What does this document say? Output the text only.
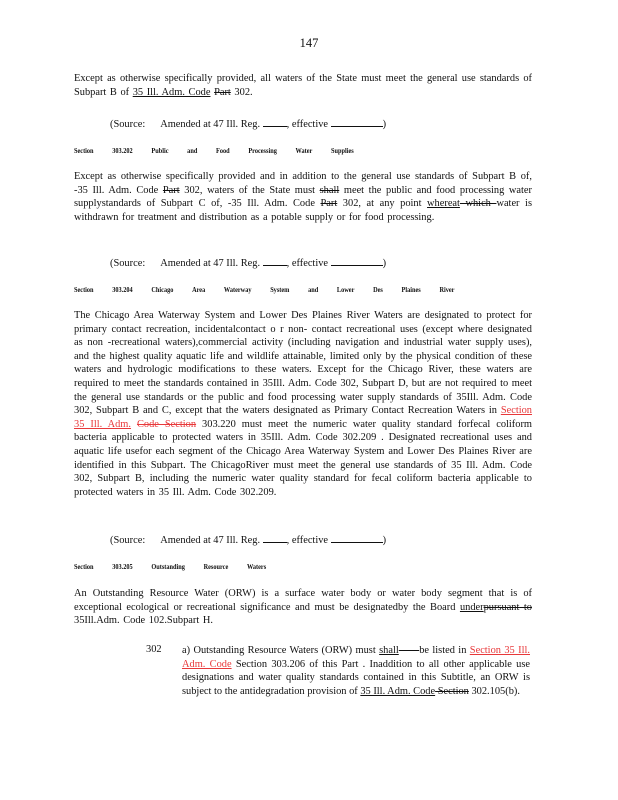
147
Except as otherwise specifically provided, all waters of the State must meet the general use standards of Subpart B of 35 Ill. Adm. Code Part 302.
(Source: Amended at 47 Ill. Reg.	, effective	)
Section	303.202	Public	and	Food	Processing	Water	Supplies
Except as otherwise specifically provided and in addition to the general use standards of Subpart B of, -35 Ill. Adm. Code Part 302, waters of the State must shall meet the public and food processing water supplystandards of Subpart C of, -35 Ill. Adm. Code Part 302, at any point whereat which water is withdrawn for treatment and distribution as a potable supply or for food processing.
(Source: Amended at 47 Ill. Reg.	, effective	)
Section	303.204	Chicago	Area	Waterway	System	and	Lower	Des	Plaines	River
The Chicago Area Waterway System and Lower Des Plaines River Waters are designated to protect for primary contact recreation, incidentalcontact o r non- contact recreational uses (except where designated as non -recreational waters),commercial activity (including navigation and industrial water supply uses), and the highest quality aquatic life and wildlife attainable, limited only by the physical condition of these waters and hydrologic modifications to these waters. Except for the Chicago River, these waters are required to meet the standards contained in 35Ill. Adm. Code 302, Subpart D, but are not required to meet the general use standards or the public and food processing water supply standards of 35Ill. Adm. Code 302, Subpart B and C, except that the waters designated as Primary Contact Recreation Waters in Section 35 Ill. Adm. Code Section 303.220 must meet the numeric water quality standard forfecal coliform bacteria applicable to protected waters in 35Ill. Adm. Code 302.209 . Designated recreational uses and aquatic life usefor each segment of the Chicago Area Waterway System and Lower Des Plaines River are identified in this Subpart. The ChicagoRiver must meet the general use standards of 35 Ill. Adm. Code 302, Subpart B, including the numeric water quality standard for fecal coliform bacteria applicable to protected waters in 35 Ill. Adm. Code 302.209.
(Source: Amended at 47 Ill. Reg.	, effective	)
Section	303.205	Outstanding	Resource	Waters
An Outstanding Resource Water (ORW) is a surface water body or water body segment that is of exceptional ecological or recreational significance and must be designatedby the Board underpursuant to 35Ill.Adm. Code 102.Subpart H.
302 a) Outstanding Resource Waters (ORW) must shall be listed in Section 35 Ill. Adm. Code Section 303.206 of this Part . Inaddition to all other applicable use designations and water quality standards contained in this Subtitle, an ORW is subject to the antidegradation provision of 35 Ill. Adm. Code Section 302.105(b).
